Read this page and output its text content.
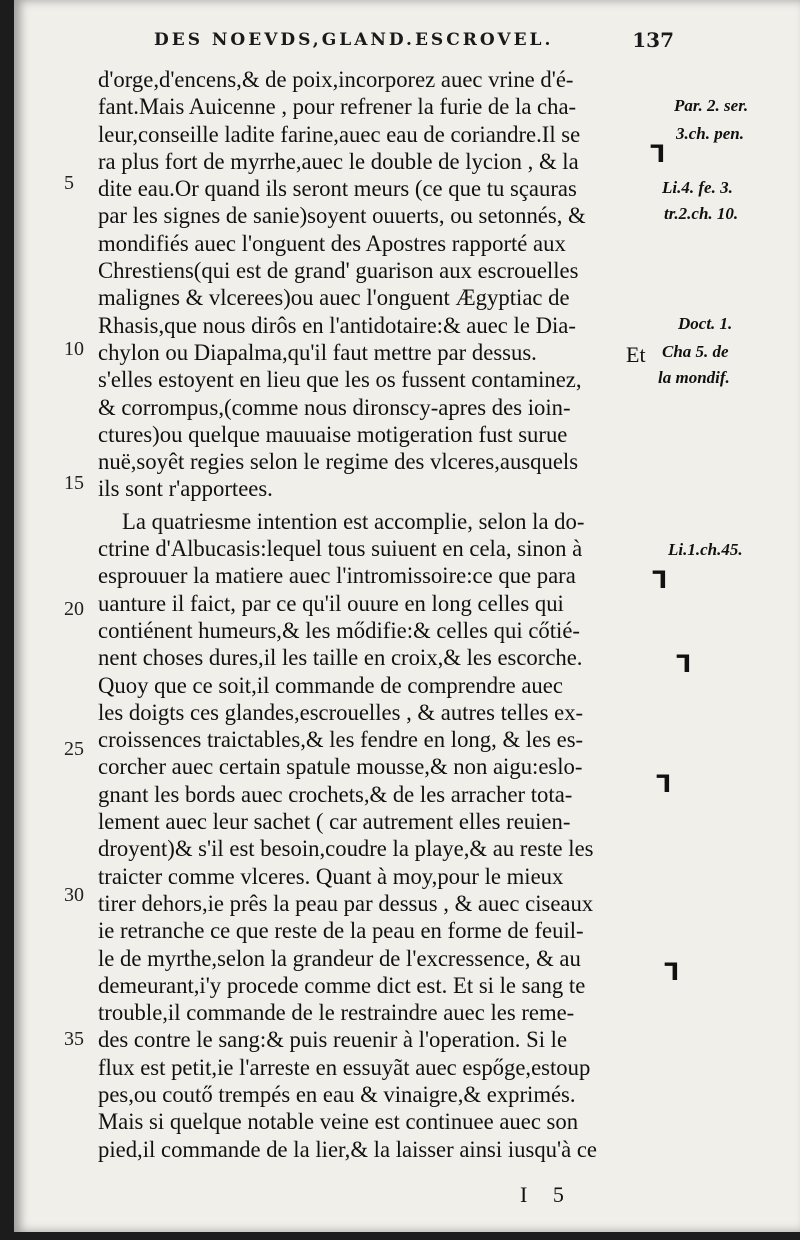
DES NOEVDS,GLAND.ESCROVEL.	137
d'orge,d'encens,& de poix,incorporez auec vrine d'é-
fant.Mais Auicenne , pour refrener la furie de la cha-
leur,conseille ladite farine,auec eau de coriandre.Il se
ra plus fort de myrrhe,auec le double de lycion , & la
dite eau.Or quand ils seront meurs (ce que tu sçauras
par les signes de sanie)soyent ouuerts, ou setonnés, &
mondifiés auec l'onguent des Apostres rapporté aux
Chrestiens(qui est de grand' guarison aux escrouelles
malignes & vlcerees)ou auec l'onguent Ægyptiac de
Rhasis,que nous dirôs en l'antidotaire:& auec le Dia-
chylon ou Diapalma,qu'il faut mettre par dessus.
s'elles estoyent en lieu que les os fussent contaminez,
& corrompus,(comme nous dironscy-apres des ioin-
ctures)ou quelque mauuaise motigeration fust surue
nuë,soyêt regies selon le regime des vlceres,ausquels
ils sont r'apportees.
La quatriesme intention est accomplie, selon la do-
ctrine d'Albucasis:lequel tous suiuent en cela, sinon à
esprouuer la matiere auec l'intromissoire:ce que para
uanture il faict, par ce qu'il ouure en long celles qui
contiénent humeurs,& les mődifie:& celles qui cőtié-
nent choses dures,il les taille en croix,& les escorche.
Quoy que ce soit,il commande de comprendre auec
les doigts ces glandes,escrouelles , & autres telles ex-
croissences traictables,& les fendre en long, & les es-
corcher auec certain spatule mousse,& non aigu:eslo-
gnant les bords auec crochets,& de les arracher tota-
lement auec leur sachet ( car autrement elles reuien-
droyent)& s'il est besoin,coudre la playe,& au reste les
traicter comme vlceres. Quant à moy,pour le mieux
tirer dehors,ie prês la peau par dessus , & auec ciseaux
ie retranche ce que reste de la peau en forme de feuil-
le de myrthe,selon la grandeur de l'excressence, & au
demeurant,i'y procede comme dict est. Et si le sang te
trouble,il commande de le restraindre auec les reme-
des contre le sang:& puis reuenir à l'operation. Si le
flux est petit,ie l'arreste en essuyãt auec espőge,estoup
pes,ou coutő trempés en eau & vinaigre,& exprimés.
Mais si quelque notable veine est continuee auec son
pied,il commande de la lier,& la laisser ainsi iusqu'à ce
5
10
15
20
25
30
35
Par. 2. ser.
3.ch. pen.
Li.4. fe. 3.
tr.2.ch. 10.
Doct. 1.
Et Cha 5. de
la mondif.
Li.1.ch.45.
Ꞁ
Ꞁ
Ꞁ
Ꞁ
Ꞁ
I 5
